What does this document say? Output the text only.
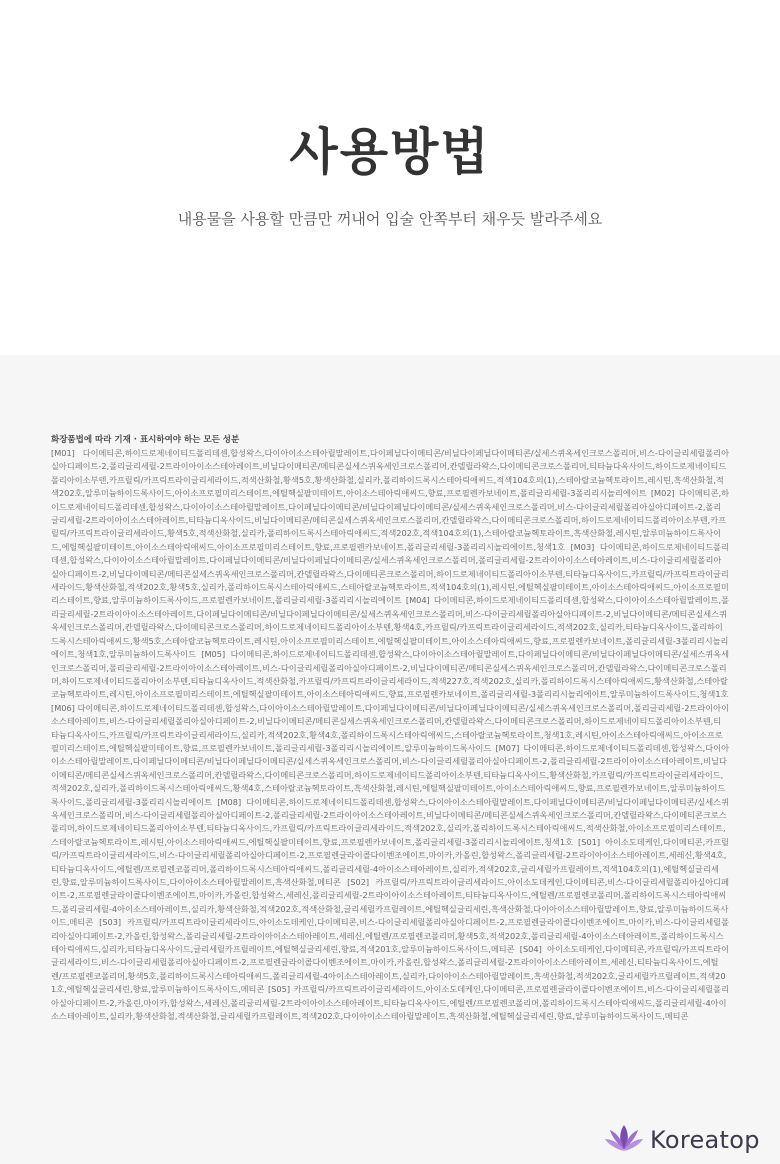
사용방법

내용물을 사용할 만큼만 꺼내어 입술 안쪽부터 채우듯 발라주세요

화장품법에 따라 기재 · 표시하여야 하는 모든 성분

[M01] 다이메티콘,하이드로제네이티드폴리데센,합성왁스,다이아이소스테아릴말레이트,다이페닐다이메티콘/비닐다이페닐다이메티콘/실세스퀴옥세인크로스폴리머,비스-다이글리세릴폴리아실아디페이트-2,폴리글리세릴-2트라이아이소스테아레이트,비닐다이메티콘/메티콘실세스퀴옥세인크로스폴리머,칸델릴라왁스,다이메티콘크로스폴리머,티타늄다옥사이드,하이드로제네이티드폴리아이소부텐,카프릴릭/카프릭트라이글리세라이드,적색산화철,황색5호,황색산화철,실리카,폴리하이드록시스테아릭애씨드,적색104호의(1),스테아랄코늄헥토라이트,레시틴,흑색산화철,적색202호,알루미늄하이드록사이드,아이소프로필미리스테이트,에틸헥실팔미테이트,아이소스테아릭애씨드,향료,프로필렌카보네이트,폴리글리세릴-3폴리리시놀리에이트 [M02] 다이메티콘,하이드로제네이티드폴리데센,합성왁스,다이아이소스테아릴말레이트,다이페닐다이메티콘/비닐다이페닐다이메티콘/실세스퀴옥세인크로스폴리머,비스-다이글리세릴폴리아실아디페이트-2,폴리글리세릴-2트라이아이소스테아레이트,티타늄디옥사이드,비닐다이메티콘/메티콘실세스퀴옥세인크로스폴리머,칸델릴라왁스,다이메티콘크로스폴리머,하이드로제네이티드폴리아이소부텐,카프릴릭/카프릭트라이글리세라이드,황색5호,적색산화철,실리카,폴리하이드록시스테아릭애씨드,적색202호,적색104호의(1),스테아랄코늄헥토라이트,흑색산화철,레시틴,알루미늄하이드록사이드,에틸헥실팔미테이트,아이소스테아릭애씨드,아이소프로필미리스테이트,향료,프로필렌카보네이트,폴리글리세릴-3폴리리시놀리에이트,청색1호 [M03] 다이메티콘,하이드로제네이티드폴리데센,합성왁스,다이아이소스테아릴말레이트,다이페닐다이메티콘/비닐다이페닐다이메티콘/실세스퀴옥세인크로스폴리머,폴리글리세릴-2트라이아이소스테아레이트,비스-다이글리세릴폴리아실아디페이트-2,비닐다이메티콘/메티콘실세스퀴옥세인크로스폴리머,칸델릴라왁스,다이메티콘크로스폴리머,하이드로제네이티드폴리아이소부텐,티타늄디옥사이드,카프릴릭/카프릭트라이글리세라이드,황색산화철,적색202호,황색5호,실리카,폴리하이드록시스테아릭애씨드,스테아랄코늄헥토라이트,적색104호의(1),레시틴,에틸헥실팔미테이트,아이소스테아릭애씨드,아이소프로필미리스테이트,향료,알루미늄하이드록사이드,프로필렌카보네이트,폴리글리세릴-3폴리리시놀리에이트 [M04] 다이메티콘,하이드로제네이티드폴리데센,합성왁스,다이아이소스테아릴말레이트,폴리글리세릴-2트라이아이소스테아레이트,다이페닐다이메티콘/비닐다이페닐다이메티콘/실세스퀴옥세인크로스폴리머,비스-다이글리세릴폴리아실아디페이트-2,비닐다이메티콘/메티콘실세스퀴옥세인크로스폴리머,칸델릴라왁스,다이메티콘크로스폴리머,하이드로제네이티드폴리아이소부텐,황색4호,카프릴릭/카프릭트라이글리세라이드,적색202호,실리카,티타늄디옥사이드,폴리하이드록시스테아릭애씨드,황색5호,스테아랄코늄헥토라이트,레시틴,아이소프로필미리스테이트,에틸헥실팔미테이트,아이소스테아릭애씨드,향료,프로필렌카보네이트,폴리글리세릴-3폴리리시놀리에이트,청색1호,알루미늄하이드록사이드 [M05] 다이메티콘,하이드로제네이티드폴리데센,합성왁스,다이아이소스테아릴말레이트,다이페닐다이메티콘/비닐다이페닐다이메티콘/실세스퀴옥세인크로스폴리머,폴리글리세릴-2트라이아이소스테아레이트,비스-다이글리세릴폴리아실아디페이트-2,비닐다이메티콘/메티콘실세스퀴옥세인크로스폴리머,칸델릴라왁스,다이메티콘크로스폴리머,하이드로제네이티드폴리아이소부텐,티타늄디옥사이드,적색산화철,카프릴릭/카프릭트라이글리세라이드,적색227호,적색202호,실리카,폴리하이드록시스테아릭애씨드,황색산화철,스테아랄코늄헥토라이트,레시틴,아이소프로필미리스테이트,에틸헥실팔미테이트,아이소스테아릭애씨드,향료,프로필렌카보네이트,폴리글리세릴-3폴리리시놀리에이트,알루미늄하이드록사이드,청색1호 [M06] 다이메티콘,하이드로제네이티드폴리데센,합성왁스,다이아이소스테아릴말레이트,다이페닐다이메티콘/비닐다이페닐다이메티콘/실세스퀴옥세인크로스폴리머,폴리글리세릴-2트라이아이소스테아레이트,비스-다이글리세릴폴리아실아디페이트-2,비닐다이메티콘/메티콘실세스퀴옥세인크로스폴리머,칸델릴라왁스,다이메티콘크로스폴리머,하이드로제네이티드폴리아이소부텐,티타늄디옥사이드,카프릴릭/카프릭트라이글리세라이드,실리카,적색202호,황색4호,폴리하이드록시스테아릭애씨드,스테아랄코늄헥토라이트,청색1호,레시틴,아이소스테아릭애씨드,아이소프로필미리스테이트,에틸헥실팔미테이트,향료,프로필렌카보네이트,폴리글리세릴-3폴리리시놀리에이트,알루미늄하이드록사이드 [M07] 다이메티콘,하이드로제네이티드폴리데센,합성왁스,다이아이소스테아릴말레이트,다이페닐다이메티콘/비닐다이페닐다이메티콘/실세스퀴옥세인크로스폴리머,비스-다이글리세릴폴리아실아디페이트-2,폴리글리세릴-2트라이아이소스테아레이트,비닐다이메티콘/메티콘실세스퀴옥세인크로스폴리머,칸델릴라왁스,다이메티콘크로스폴리머,하이드로제네이티드폴리아이소부텐,티타늄디옥사이드,황색산화철,카프릴릭/카프릭트라이글리세라이드,적색202호,실리카,폴리하이드록시스테아릭애씨드,황색4호,스테아랄코늄헥토라이트,흑색산화철,레시틴,에틸헥실팔미테이트,아이소스테아릭애씨드,향료,프로필렌카보네이트,알루미늄하이드록사이드,폴리글리세릴-3폴리리시놀리에이트 [M08] 다이메티콘,하이드로제네이티드폴리데센,합성왁스,다이아이소스테아릴말레이트,다이페닐다이메티콘/비닐다이페닐다이메티콘/실세스퀴옥세인크로스폴리머,비스-다이글리세릴폴리아실아디페이트-2,폴리글리세릴-2트라이아이소스테아레이트,비닐다이메티콘/메티콘실세스퀴옥세인크로스폴리머,칸델릴라왁스,다이메티콘크로스폴리머,하이드로제네이티드폴리아이소부텐,티타늄디옥사이드,카프릴릭/카프릭트라이글리세라이드,적색202호,실리카,폴리하이드록시스테아릭애씨드,적색산화철,아이소프로필미리스테이트,스테아랄코늄헥토라이트,레시틴,아이소스테아릭애씨드,에틸헥실팔미테이트,향료,프로필렌카보네이트,폴리글리세릴-3폴리리시놀리에이트,청색1호 [S01] 아이소도데케인,다이메티콘,카프릴릭/카프릭트라이글리세라이드,비스-다이글리세릴폴리아실아디페이트-2,프로필렌글라이콜다이벤조에이트,마이카,카올린,합성왁스,폴리글리세릴-2트라이아이소스테아레이트,세레신,황색4호,티타늄디옥사이드,에틸렌/프로필렌코폴리머,폴리하이드록시스테아릭애씨드,폴리글리세릴-4아이소스테아레이트,실리카,적색202호,글리세릴카프릴레이트,적색104호의(1),에틸헥실글리세린,향료,알루미늄하이드록사이드,다이아이소스테아릴말레이트,흑색산화철,메티콘 [S02] 카프릴릭/카프릭트라이글리세라이드,아이소도데케인,다이메티콘,비스-다이글리세릴폴리아실아디페이트-2,프로필렌글라이콜다이벤조에이트,마이카,카올린,합성왁스,세레신,폴리글리세릴-2트라이아이소스테아레이트,티타늄디옥사이드,에틸렌/프로필렌코폴리머,폴리하이드록시스테아릭애씨드,폴리글리세릴-4아이소스테아레이트,실리카,황색산화철,적색202호,적색산화철,글리세릴카프릴레이트,에틸헥실글리세린,흑색산화철,다이아이소스테아릴말레이트,향료,알루미늄하이드록사이드,메티콘 [S03] 카프릴릭/카프릭트라이글리세라이드,아이소도데케인,다이메티콘,비스-다이글리세릴폴리아실아디페이트-2,프로필렌글라이콜다이벤조에이트,마이카,비스-다이글리세릴폴리아실아디페이트-2,카올린,합성왁스,폴리글리세릴-2트라이아이소스테아레이트,세레신,에틸렌/프로필렌코폴리머,황색5호,적색202호,폴리글리세릴-4아이소스테아레이트,폴리하이드록시스테아릭애씨드,실리카,티타늄디옥사이드,글리세릴카프릴레이트,에틸헥실글리세린,향료,적색201호,알루미늄하이드록사이드,메티콘 [S04] 아이소도데케인,다이메티콘,카프릴릭/카프릭트라이글리세라이드,비스-다이글리세릴폴리아실아디페이트-2,프로필렌글라이콜다이벤조에이트,마이카,카올린,합성왁스,폴리글리세릴-2트라이아이소스테아레이트,세레신,티타늄디옥사이드,에틸렌/프로필렌코폴리머,황색5호,폴리하이드록시스테아릭애씨드,폴리글리세릴-4아이소스테아레이트,실리카,다이아이소스테아릴말레이트,흑색산화철,적색202호,글리세릴카프릴레이트,적색201호,에틸헥실글리세린,향료,알루미늄하이드록사이드,메티콘 [S05] 카프릴릭/카프릭트라이글리세라이드,아이소도데케인,다이메티콘,프로필렌글라이콜다이벤조에이트,비스-다이글리세릴폴리아실아디페이트-2,카올린,마이카,합성왁스,세레신,폴리글리세릴-2트라이아이소스테아레이트,티타늄디옥사이드,에틸렌/프로필렌코폴리머,폴리하이드록시스테아릭애씨드,폴리글리세릴-4아이소스테아레이트,실리카,황색산화철,적색산화철,글리세릴카프릴레이트,적색202호,다이아이소스테아릴말레이트,흑색산화철,에틸헥실글리세린,향료,알루미늄하이드록사이드,메티콘

Koreatop
